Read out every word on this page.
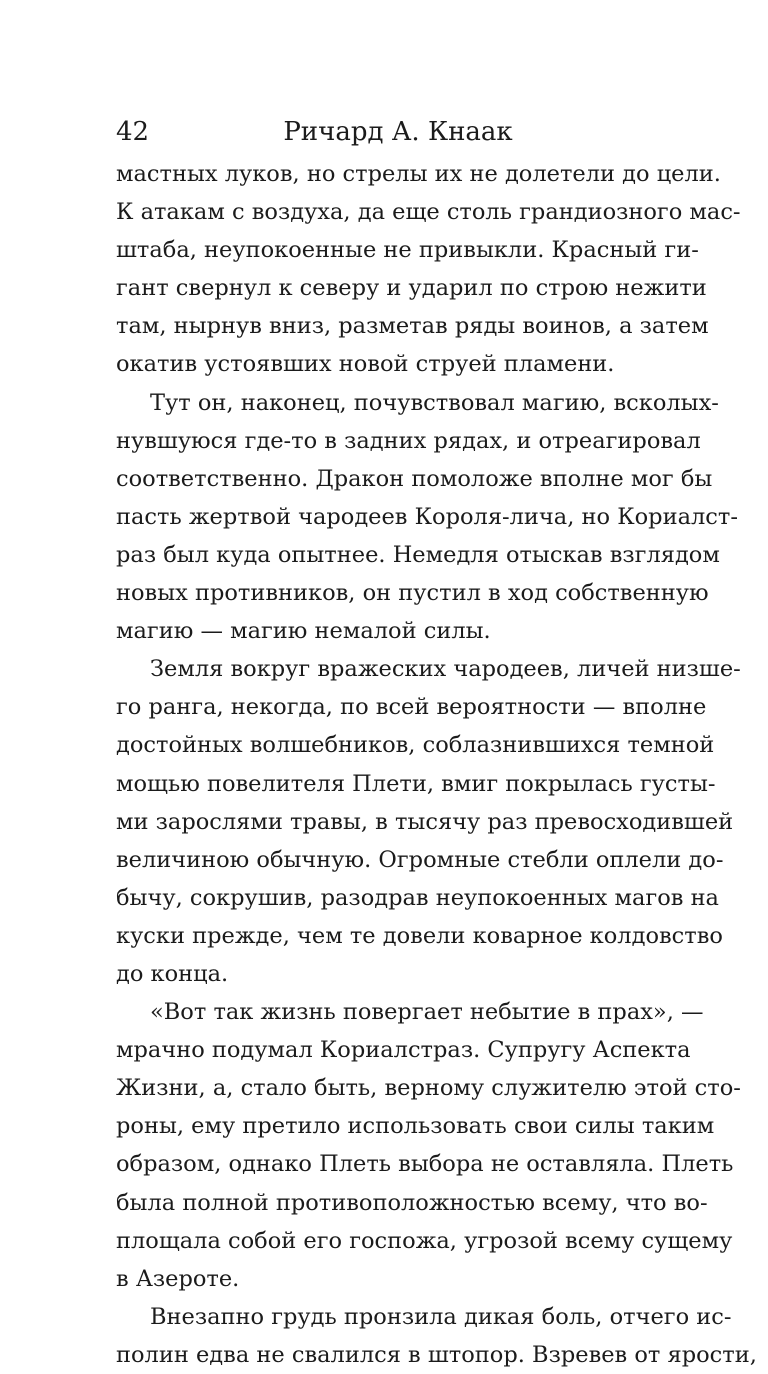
42	Ричард А. Кнаак
мастных луков, но стрелы их не долетели до цели.
К атакам с воздуха, да еще столь грандиозного мас-
штаба, неупокоенные не привыкли. Красный ги-
гант свернул к северу и ударил по строю нежити
там, нырнув вниз, разметав ряды воинов, а затем
окатив устоявших новой струей пламени.
Тут он, наконец, почувствовал магию, всколых-
нувшуюся где-то в задних рядах, и отреагировал
соответственно. Дракон помоложе вполне мог бы
пасть жертвой чародеев Короля-лича, но Кориалст-
раз был куда опытнее. Немедля отыскав взглядом
новых противников, он пустил в ход собственную
магию — магию немалой силы.
Земля вокруг вражеских чародеев, личей низше-
го ранга, некогда, по всей вероятности — вполне
достойных волшебников, соблазнившихся темной
мощью повелителя Плети, вмиг покрылась густы-
ми зарослями травы, в тысячу раз превосходившей
величиною обычную. Огромные стебли оплели до-
бычу, сокрушив, разодрав неупокоенных магов на
куски прежде, чем те довели коварное колдовство
до конца.
«Вот так жизнь повергает небытие в прах», —
мрачно подумал Кориалстраз. Супругу Аспекта
Жизни, а, стало быть, верному служителю этой сто-
роны, ему претило использовать свои силы таким
образом, однако Плеть выбора не оставляла. Плеть
была полной противоположностью всему, что во-
площала собой его госпожа, угрозой всему сущему
в Азероте.
Внезапно грудь пронзила дикая боль, отчего ис-
полин едва не свалился в штопор. Взревев от ярости,
